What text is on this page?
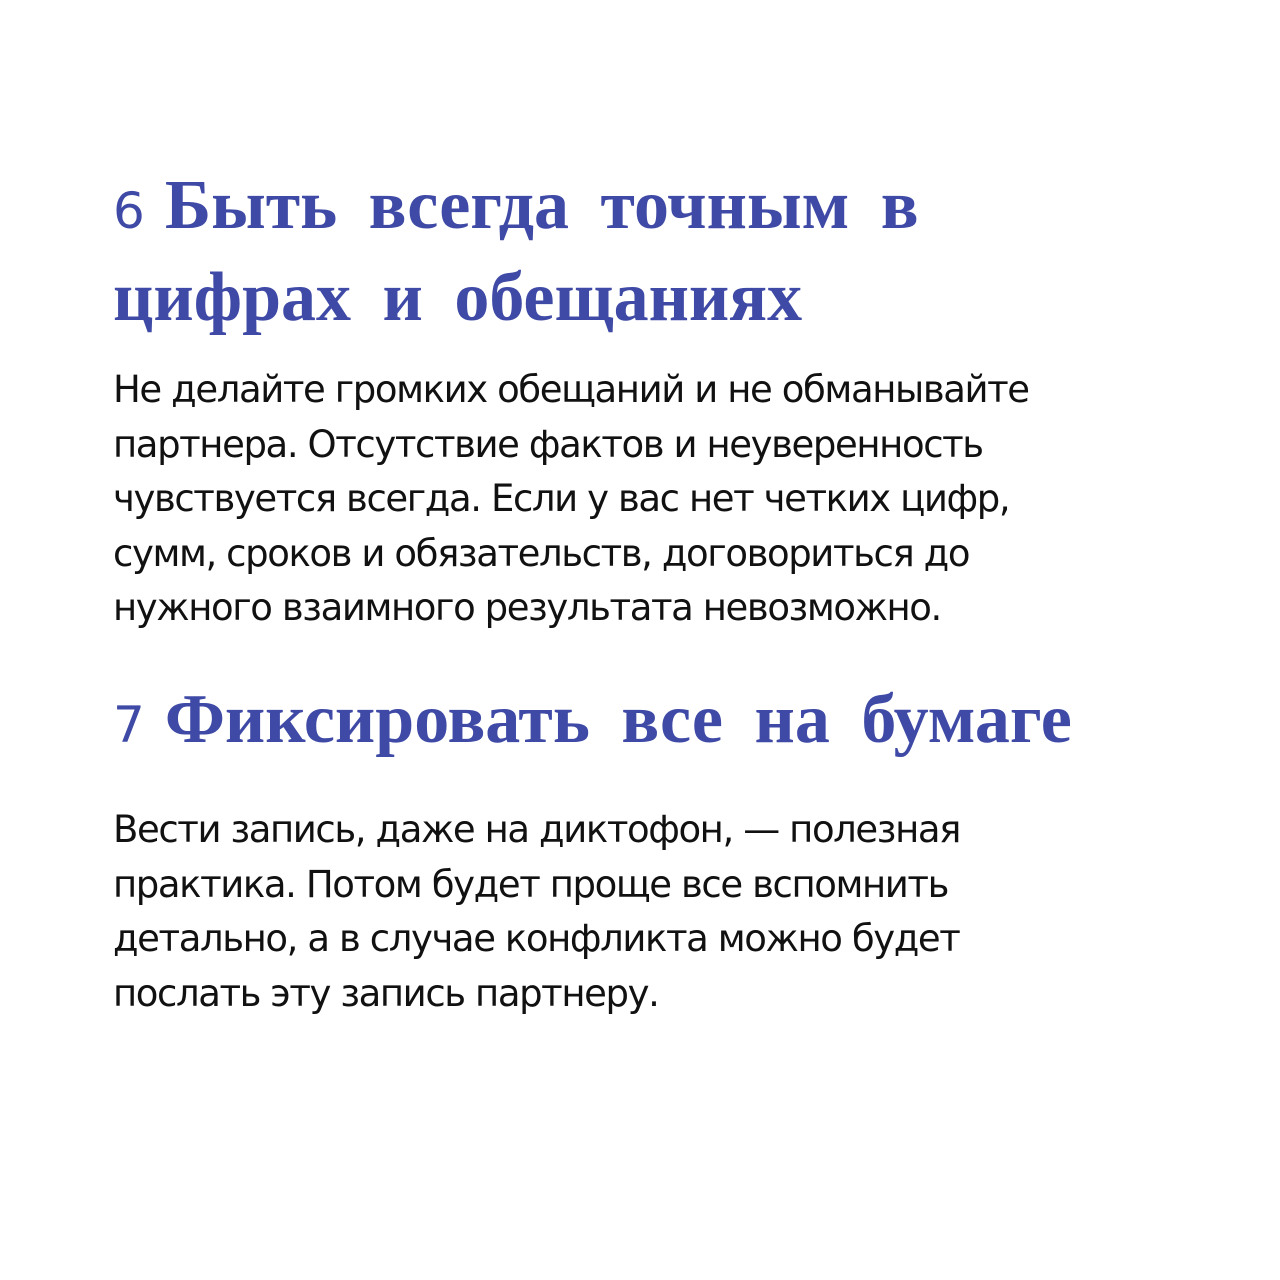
6 Быть всегда точным в
цифрах и обещаниях

Не делайте громких обещаний и не обманывайте
партнера. Отсутствие фактов и неуверенность
чувствуется всегда. Если у вас нет четких цифр,
сумм, сроков и обязательств, договориться до
нужного взаимного результата невозможно.

7 Фиксировать все на бумаге

Вести запись, даже на диктофон, — полезная
практика. Потом будет проще все вспомнить
детально, а в случае конфликта можно будет
послать эту запись партнеру.
